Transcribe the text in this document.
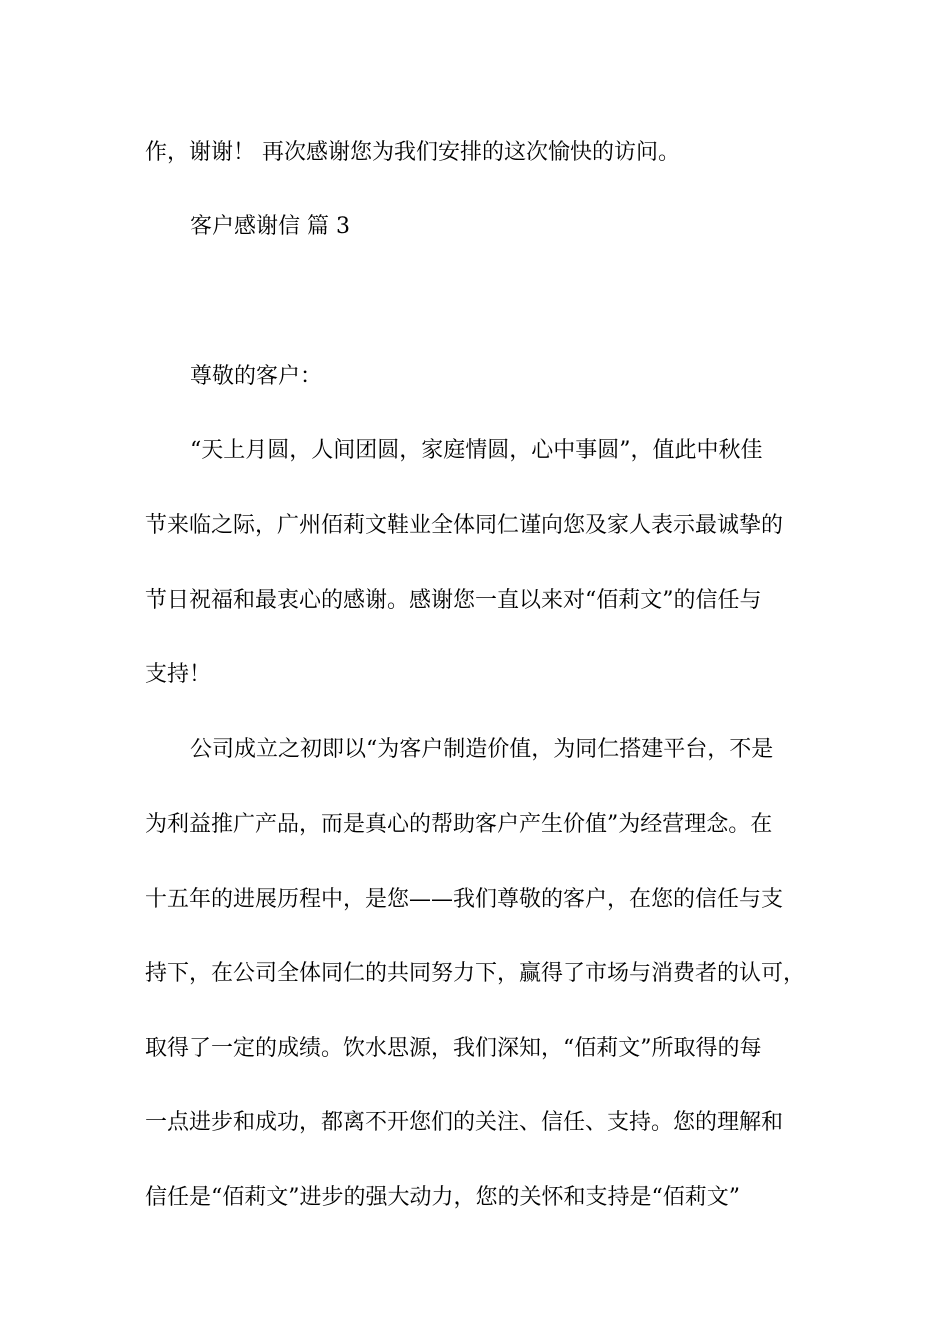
作，谢谢！ 再次感谢您为我们安排的这次愉快的访问。

客户感谢信 篇 3

尊敬的客户：

“天上月圆，人间团圆，家庭情圆，心中事圆”，值此中秋佳

节来临之际，广州佰莉文鞋业全体同仁谨向您及家人表示最诚挚的

节日祝福和最衷心的感谢。感谢您一直以来对“佰莉文”的信任与

支持！

公司成立之初即以“为客户制造价值，为同仁搭建平台，不是

为利益推广产品，而是真心的帮助客户产生价值”为经营理念。在

十五年的进展历程中，是您——我们尊敬的客户，在您的信任与支

持下，在公司全体同仁的共同努力下，赢得了市场与消费者的认可，

取得了一定的成绩。饮水思源，我们深知，“佰莉文”所取得的每

一点进步和成功，都离不开您们的关注、信任、支持。您的理解和

信任是“佰莉文”进步的强大动力，您的关怀和支持是“佰莉文”
